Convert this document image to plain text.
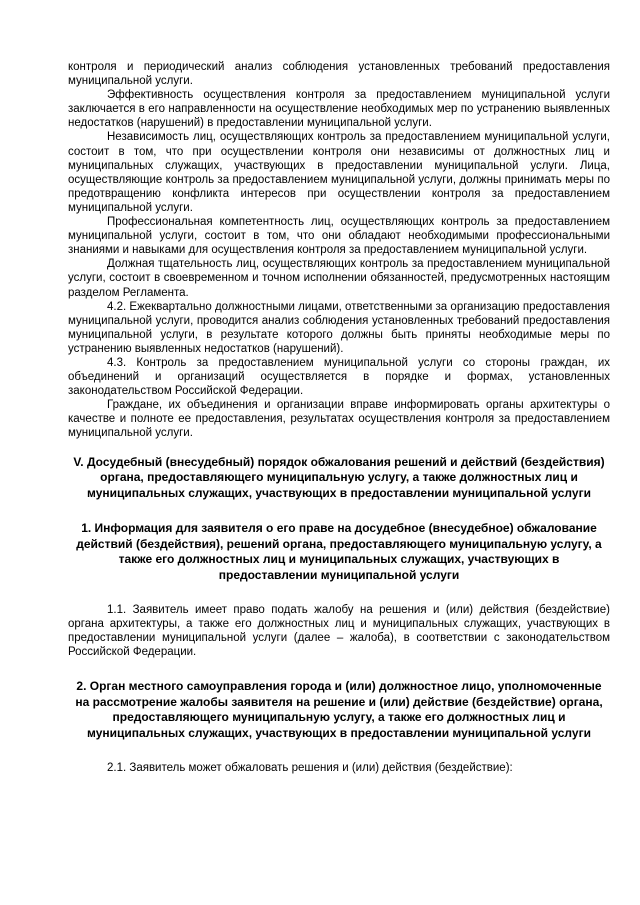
контроля и периодический анализ соблюдения установленных требований предоставления муниципальной услуги.

Эффективность осуществления контроля за предоставлением муниципальной услуги заключается в его направленности на осуществление необходимых мер по устранению выявленных недостатков (нарушений) в предоставлении муниципальной услуги.

Независимость лиц, осуществляющих контроль за предоставлением муниципальной услуги, состоит в том, что при осуществлении контроля они независимы от должностных лиц и муниципальных служащих, участвующих в предоставлении муниципальной услуги. Лица, осуществляющие контроль за предоставлением муниципальной услуги, должны принимать меры по предотвращению конфликта интересов при осуществлении контроля за предоставлением муниципальной услуги.

Профессиональная компетентность лиц, осуществляющих контроль за предоставлением муниципальной услуги, состоит в том, что они обладают необходимыми профессиональными знаниями и навыками для осуществления контроля за предоставлением муниципальной услуги.

Должная тщательность лиц, осуществляющих контроль за предоставлением муниципальной услуги, состоит в своевременном и точном исполнении обязанностей, предусмотренных настоящим разделом Регламента.

4.2. Ежеквартально должностными лицами, ответственными за организацию предоставления муниципальной услуги, проводится анализ соблюдения установленных требований предоставления муниципальной услуги, в результате которого должны быть приняты необходимые меры по устранению выявленных недостатков (нарушений).

4.3. Контроль за предоставлением муниципальной услуги со стороны граждан, их объединений и организаций осуществляется в порядке и формах, установленных законодательством Российской Федерации.

Граждане, их объединения и организации вправе информировать органы архитектуры о качестве и полноте ее предоставления, результатах осуществления контроля за предоставлением муниципальной услуги.

V. Досудебный (внесудебный) порядок обжалования решений и действий (бездействия) органа, предоставляющего муниципальную услугу, а также должностных лиц и муниципальных служащих, участвующих в предоставлении муниципальной услуги

1. Информация для заявителя о его праве на досудебное (внесудебное) обжалование действий (бездействия), решений органа, предоставляющего муниципальную услугу, а также его должностных лиц и муниципальных служащих, участвующих в предоставлении муниципальной услуги

1.1. Заявитель имеет право подать жалобу на решения и (или) действия (бездействие) органа архитектуры, а также его должностных лиц и муниципальных служащих, участвующих в предоставлении муниципальной услуги (далее – жалоба), в соответствии с законодательством Российской Федерации.

2. Орган местного самоуправления города и (или) должностное лицо, уполномоченные на рассмотрение жалобы заявителя на решение и (или) действие (бездействие) органа, предоставляющего муниципальную услугу, а также его должностных лиц и муниципальных служащих, участвующих в предоставлении муниципальной услуги

2.1. Заявитель может обжаловать решения и (или) действия (бездействие):
